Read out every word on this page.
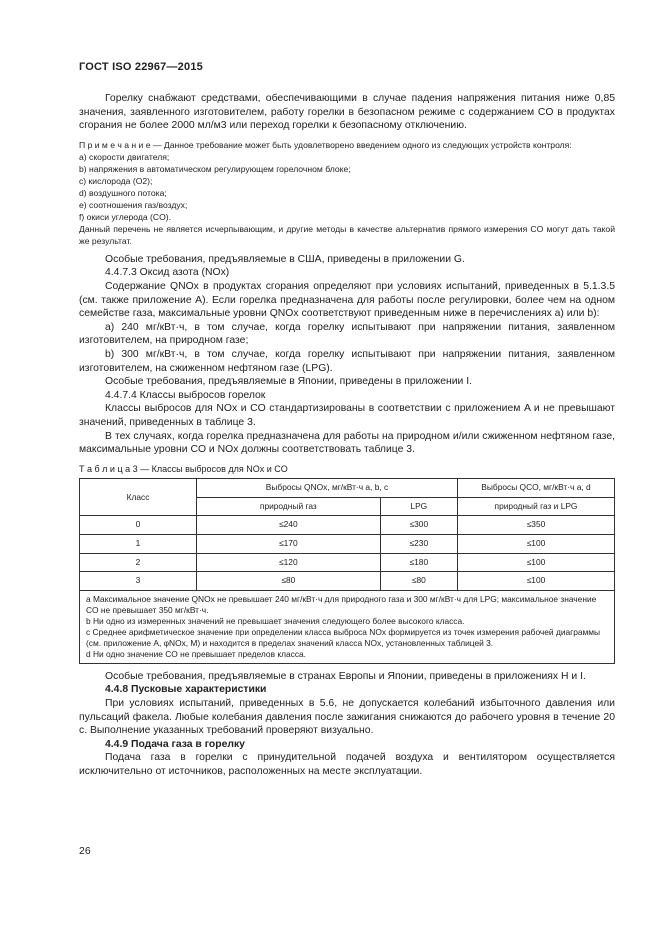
ГОСТ ISO 22967—2015

Горелку снабжают средствами, обеспечивающими в случае падения напряжения питания ниже 0,85 значения, заявленного изготовителем, работу горелки в безопасном режиме с содержанием CO в продуктах сгорания не более 2000 мл/м3 или переход горелки к безопасному отключению.

П р и м е ч а н и е — Данное требование может быть удовлетворено введением одного из следующих устройств контроля:

а) скорости двигателя;
b) напряжения в автоматическом регулирующем горелочном блоке;
c) кислорода (O2);
d) воздушного потока;
e) соотношения газ/воздух;
f) окиси углерода (CO).

Данный перечень не является исчерпывающим, и другие методы в качестве альтернатив прямого измерения CO могут дать такой же результат.

Особые требования, предъявляемые в США, приведены в приложении G.

4.4.7.3 Оксид азота (NOx)

Содержание QNOx в продуктах сгорания определяют при условиях испытаний, приведенных в 5.1.3.5 (см. также приложение A). Если горелка предназначена для работы после регулировки, более чем на одном семействе газа, максимальные уровни QNOx соответствуют приведенным ниже в перечислениях а) или b):

а) 240 мг/кВт·ч, в том случае, когда горелку испытывают при напряжении питания, заявленном изготовителем, на природном газе;

b) 300 мг/кВт·ч, в том случае, когда горелку испытывают при напряжении питания, заявленном изготовителем, на сжиженном нефтяном газе (LPG).

Особые требования, предъявляемые в Японии, приведены в приложении I.

4.4.7.4 Классы выбросов горелок

Классы выбросов для NOx и CO стандартизированы в соответствии с приложением A и не превышают значений, приведенных в таблице 3.

В тех случаях, когда горелка предназначена для работы на природном и/или сжиженном нефтяном газе, максимальные уровни CO и NOx должны соответствовать таблице 3.

Т а б л и ц а 3 — Классы выбросов для NOx и CO
Класс	Выбросы QNOx, мг/кВт·ч a, b, c		Выбросы QCO, мг/кВт·ч a, d
	природный газ	LPG	природный газ и LPG
0	≤240	≤300	≤350
1	≤170	≤230	≤100
2	≤120	≤180	≤100
3	≤80	≤80	≤100

a Максимальное значение QNOx не превышает 240 мг/кВт·ч для природного газа и 300 мг/кВт·ч для LPG; максимальное значение CO не превышает 350 мг/кВт·ч.
b Ни одно из измеренных значений не превышает значения следующего более высокого класса.
c Среднее арифметическое значение при определении класса выброса NOx формируется из точек измерения рабочей диаграммы (см. приложение А, φNOx, M) и находится в пределах значений класса NOx, установленных таблицей 3.
d Ни одно значение CO не превышает пределов класса.			

Особые требования, предъявляемые в странах Европы и Японии, приведены в приложениях H и I.

4.4.8 Пусковые характеристики

При условиях испытаний, приведенных в 5.6, не допускается колебаний избыточного давления или пульсаций факела. Любые колебания давления после зажигания снижаются до рабочего уровня в течение 20 с. Выполнение указанных требований проверяют визуально.

4.4.9 Подача газа в горелку

Подача газа в горелки с принудительной подачей воздуха и вентилятором осуществляется исключительно от источников, расположенных на месте эксплуатации.

26
